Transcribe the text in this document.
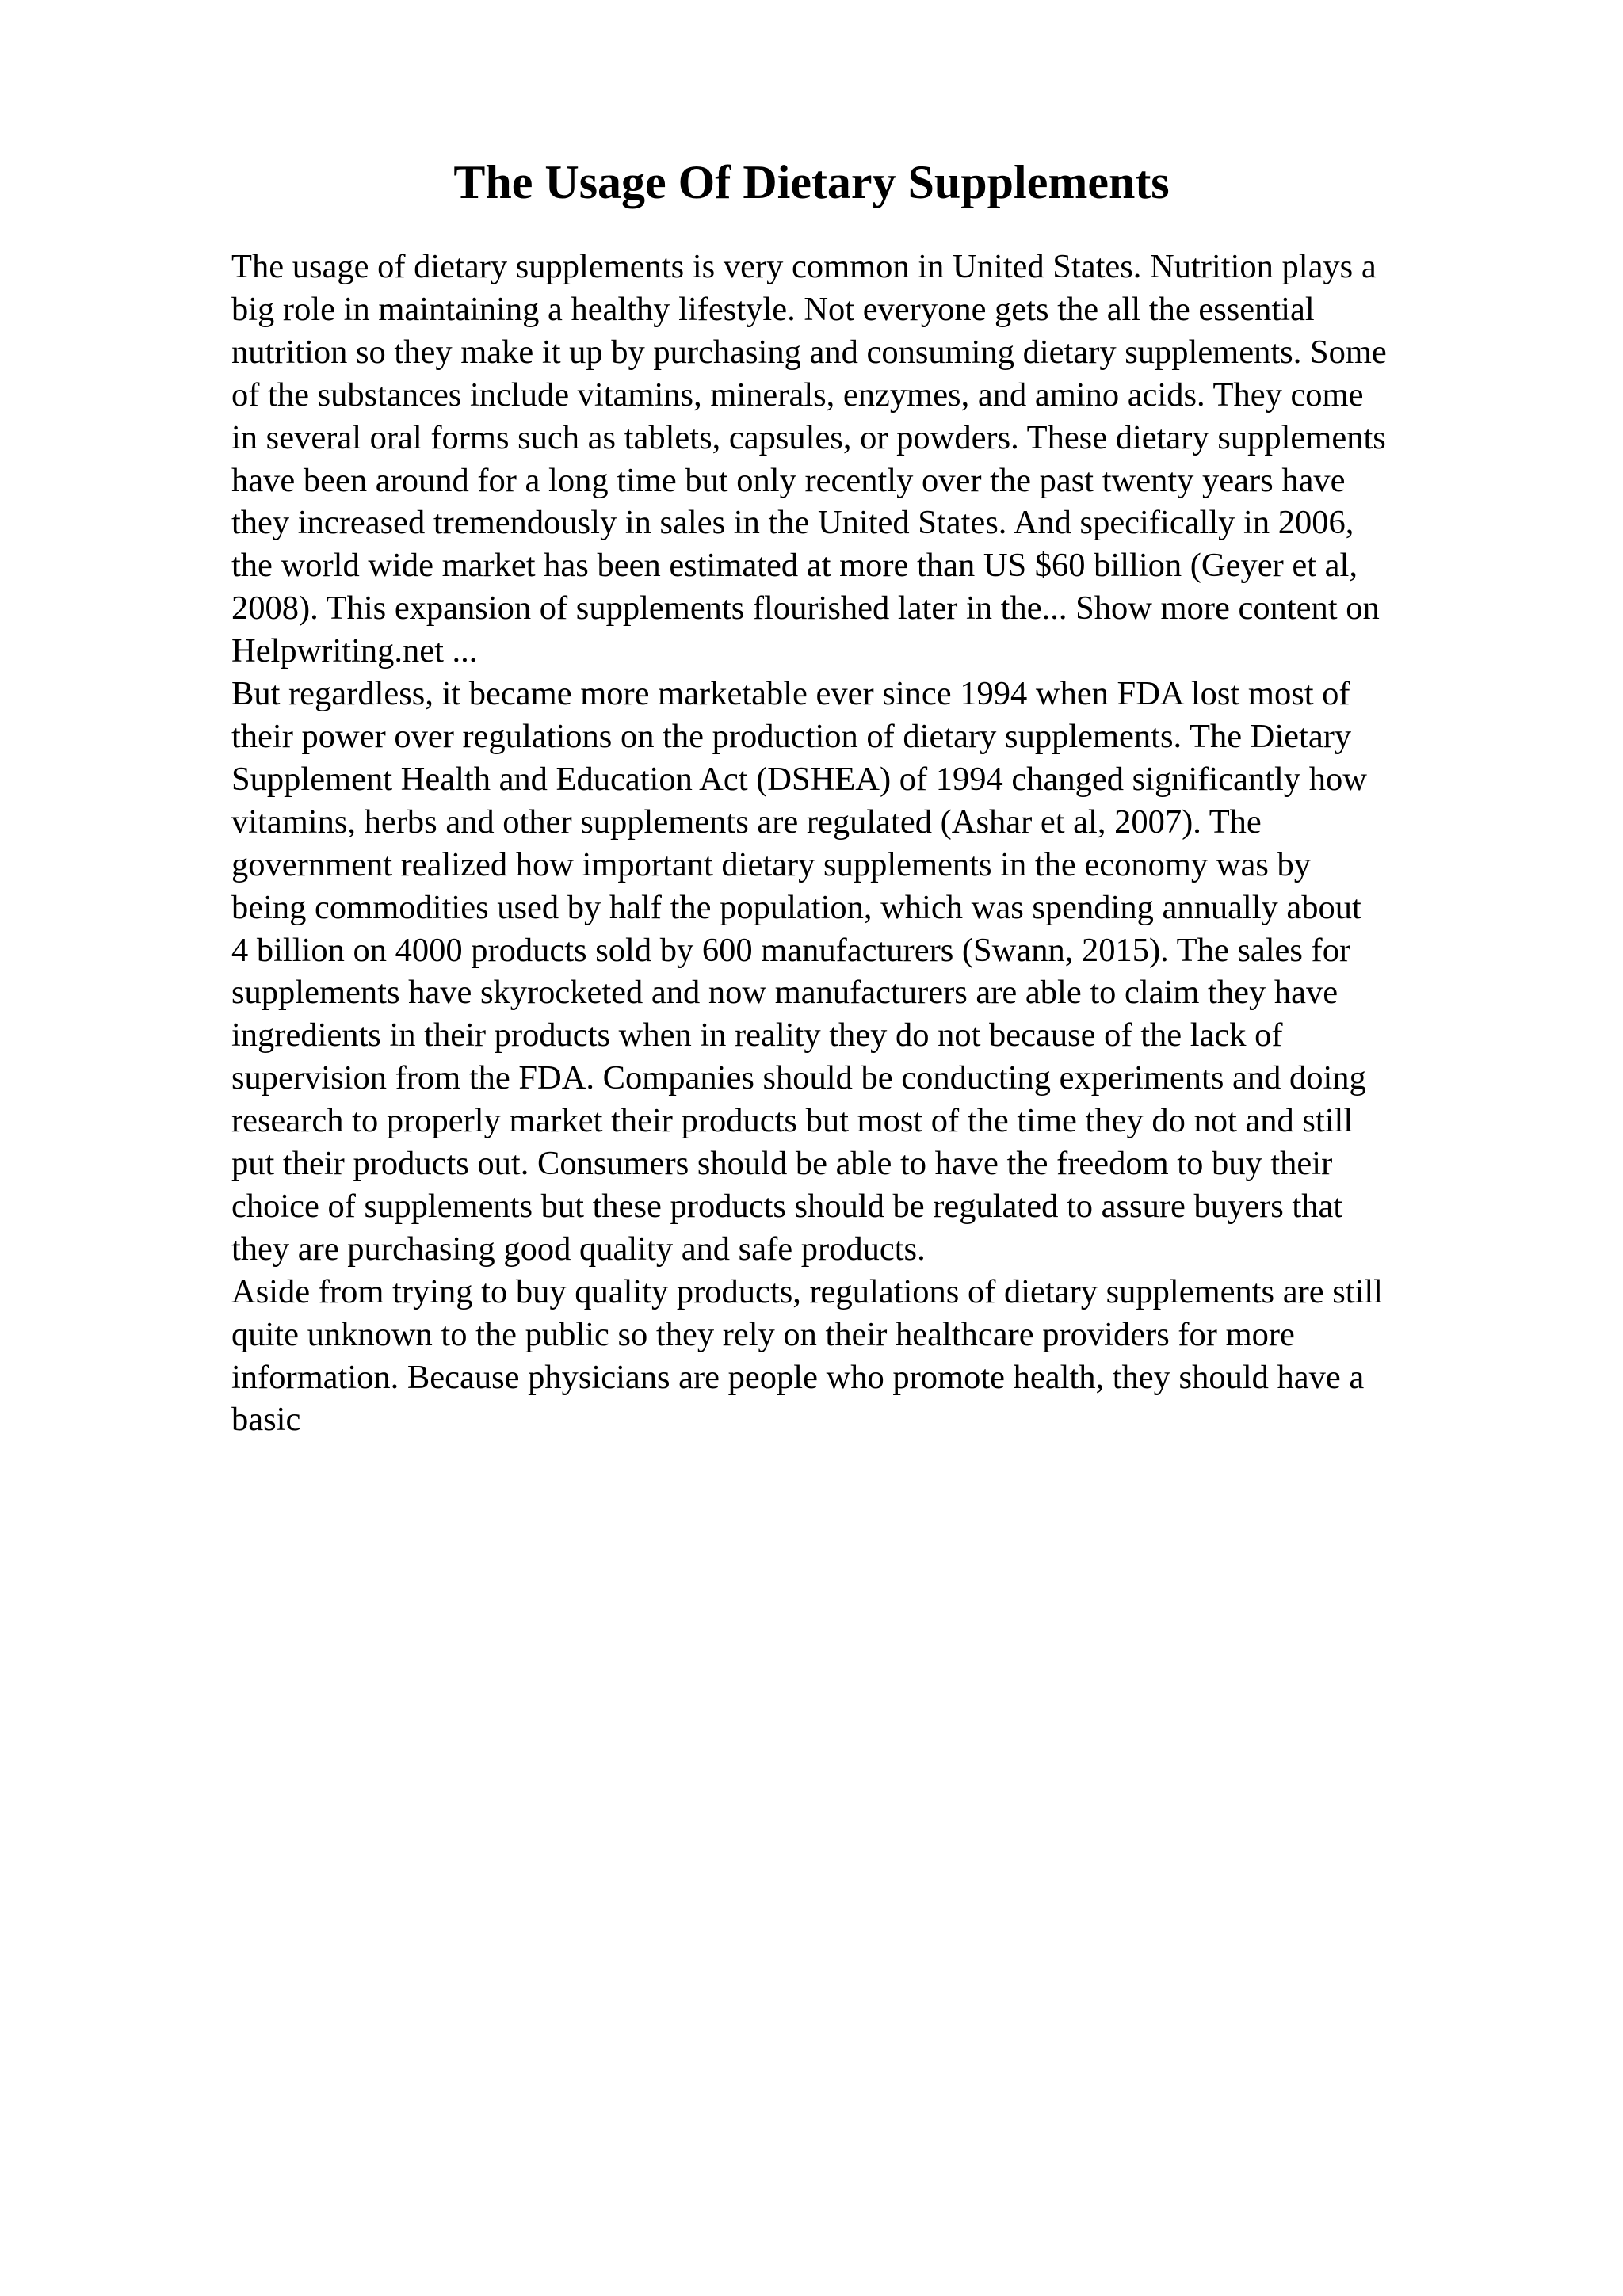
The Usage Of Dietary Supplements
The usage of dietary supplements is very common in United States. Nutrition plays a
big role in maintaining a healthy lifestyle. Not everyone gets the all the essential
nutrition so they make it up by purchasing and consuming dietary supplements. Some
of the substances include vitamins, minerals, enzymes, and amino acids. They come
in several oral forms such as tablets, capsules, or powders. These dietary supplements
have been around for a long time but only recently over the past twenty years have
they increased tremendously in sales in the United States. And specifically in 2006,
the world wide market has been estimated at more than US $60 billion (Geyer et al,
2008). This expansion of supplements flourished later in the... Show more content on
Helpwriting.net ...
But regardless, it became more marketable ever since 1994 when FDA lost most of
their power over regulations on the production of dietary supplements. The Dietary
Supplement Health and Education Act (DSHEA) of 1994 changed significantly how
vitamins, herbs and other supplements are regulated (Ashar et al, 2007). The
government realized how important dietary supplements in the economy was by
being commodities used by half the population, which was spending annually about
4 billion on 4000 products sold by 600 manufacturers (Swann, 2015). The sales for
supplements have skyrocketed and now manufacturers are able to claim they have
ingredients in their products when in reality they do not because of the lack of
supervision from the FDA. Companies should be conducting experiments and doing
research to properly market their products but most of the time they do not and still
put their products out. Consumers should be able to have the freedom to buy their
choice of supplements but these products should be regulated to assure buyers that
they are purchasing good quality and safe products.
Aside from trying to buy quality products, regulations of dietary supplements are still
quite unknown to the public so they rely on their healthcare providers for more
information. Because physicians are people who promote health, they should have a
basic
